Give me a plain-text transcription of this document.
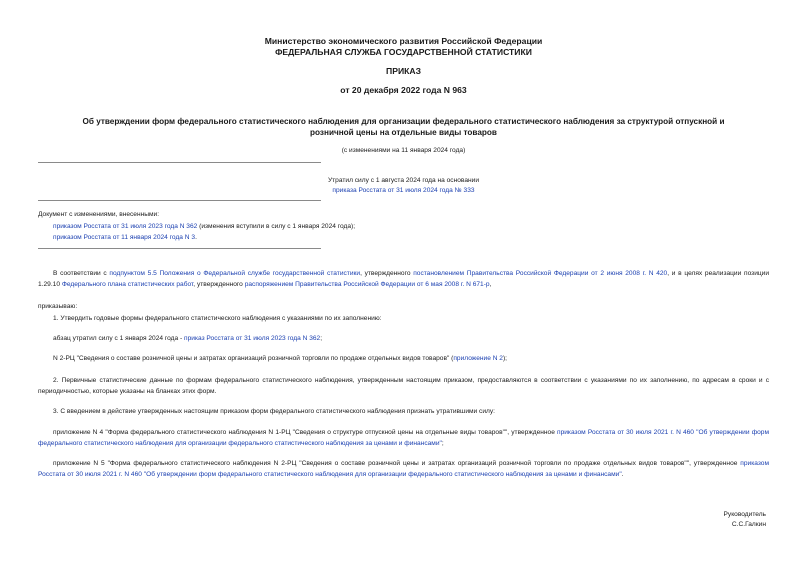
Министерство экономического развития Российской Федерации
ФЕДЕРАЛЬНАЯ СЛУЖБА ГОСУДАРСТВЕННОЙ СТАТИСТИКИ
ПРИКАЗ
от 20 декабря 2022 года N 963
Об утверждении форм федерального статистического наблюдения для организации федерального статистического наблюдения за структурой отпускной и
розничной цены на отдельные виды товаров
(с изменениями на 11 января 2024 года)
Утратил силу с 1 августа 2024 года на основании
приказа Росстата от 31 июля 2024 года № 333
Документ с изменениями, внесенными:
приказом Росстата от 31 июля 2023 года N 362 (изменения вступили в силу с 1 января 2024 года);
приказом Росстата от 11 января 2024 года N 3.
В соответствии с подпунктом 5.5 Положения о Федеральной службе государственной статистики, утвержденного постановлением Правительства Российской Федерации от 2 июня 2008 г. N 420, и в целях реализации позиции 1.29.10 Федерального плана статистических работ, утвержденного распоряжением Правительства Российской Федерации от 6 мая 2008 г. N 671-р,
приказываю:
1. Утвердить годовые формы федерального статистического наблюдения с указаниями по их заполнению:
абзац утратил силу с 1 января 2024 года - приказ Росстата от 31 июля 2023 года N 362;
N 2-РЦ "Сведения о составе розничной цены и затратах организаций розничной торговли по продаже отдельных видов товаров" (приложение N 2);
2. Первичные статистические данные по формам федерального статистического наблюдения, утвержденным настоящим приказом, предоставляются в соответствии с указаниями по их заполнению, по адресам в сроки и с периодичностью, которые указаны на бланках этих форм.
3. С введением в действие утвержденных настоящим приказом форм федерального статистического наблюдения признать утратившими силу:
приложение N 4 "Форма федерального статистического наблюдения N 1-РЦ "Сведения о структуре отпускной цены на отдельные виды товаров"", утвержденное приказом Росстата от 30 июля 2021 г. N 460 "Об утверждении форм федерального статистического наблюдения для организации федерального статистического наблюдения за ценами и финансами";
приложение N 5 "Форма федерального статистического наблюдения N 2-РЦ "Сведения о составе розничной цены и затратах организаций розничной торговли по продаже отдельных видов товаров"", утвержденное приказом Росстата от 30 июля 2021 г. N 460 "Об утверждении форм федерального статистического наблюдения для организации федерального статистического наблюдения за ценами и финансами".
Руководитель
С.С.Галкин
